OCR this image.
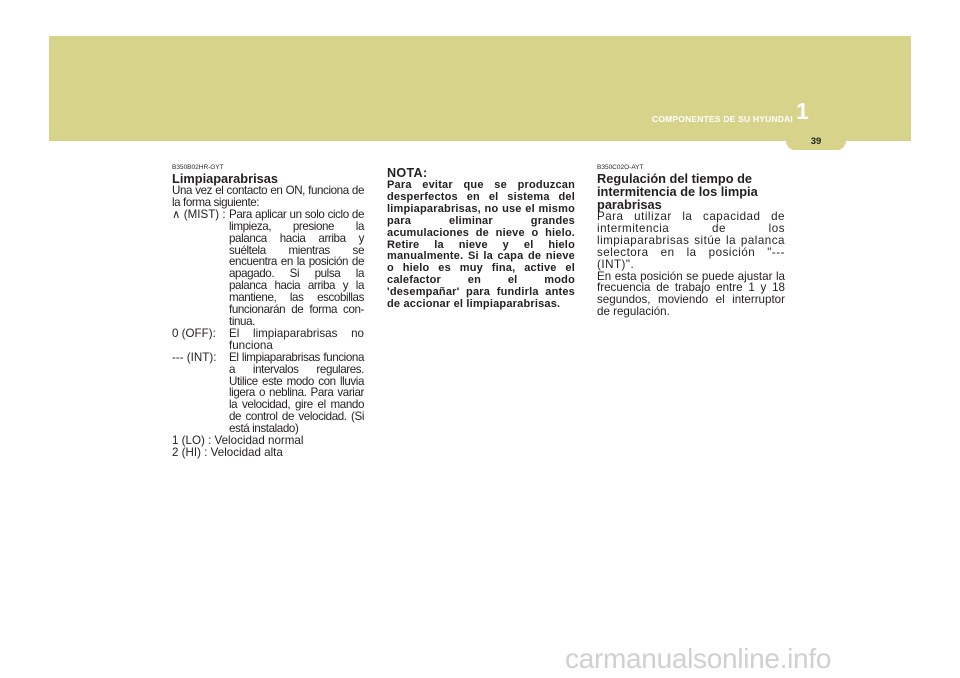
COMPONENTES DE SU HYUNDAI 1
39
B350B02HR-GYT
Limpiaparabrisas

Una vez el contacto en ON, funciona de la forma siguiente:

∧ (MIST) : Para aplicar un solo ciclo de limpieza, presione la palanca hacia arriba y suéltela mientras se encuentra en la posición de apagado. Si pulsa la palanca hacia arriba y la mantiene, las escobillas funcionarán de forma con-tinua.
0 (OFF): El limpiaparabrisas no funciona
--- (INT): El limpiaparabrisas funciona a intervalos regulares. Utilice este modo con lluvia ligera o neblina. Para variar la velocidad, gire el mando de control de velocidad. (Si está instalado)
1 (LO) : Velocidad normal
2 (HI) : Velocidad alta
NOTA:

Para evitar que se produzcan desperfectos en el sistema del limpiaparabrisas, no use el mismo para eliminar grandes acumulaciones de nieve o hielo. Retire la nieve y el hielo manualmente. Si la capa de nieve o hielo es muy fina, active el calefactor en el modo 'desempañar' para fundirla antes de accionar el limpiaparabrisas.

B350C02O-AYT
Regulación del tiempo de intermitencia de los limpia parabrisas

Para utilizar la capacidad de intermitencia de los limpiaparabrisas sitúe la palanca selectora en la posición "--- (INT)".

En esta posición se puede ajustar la frecuencia de trabajo entre 1 y 18 segundos, moviendo el interruptor de regulación.

carmanualsonline.info
